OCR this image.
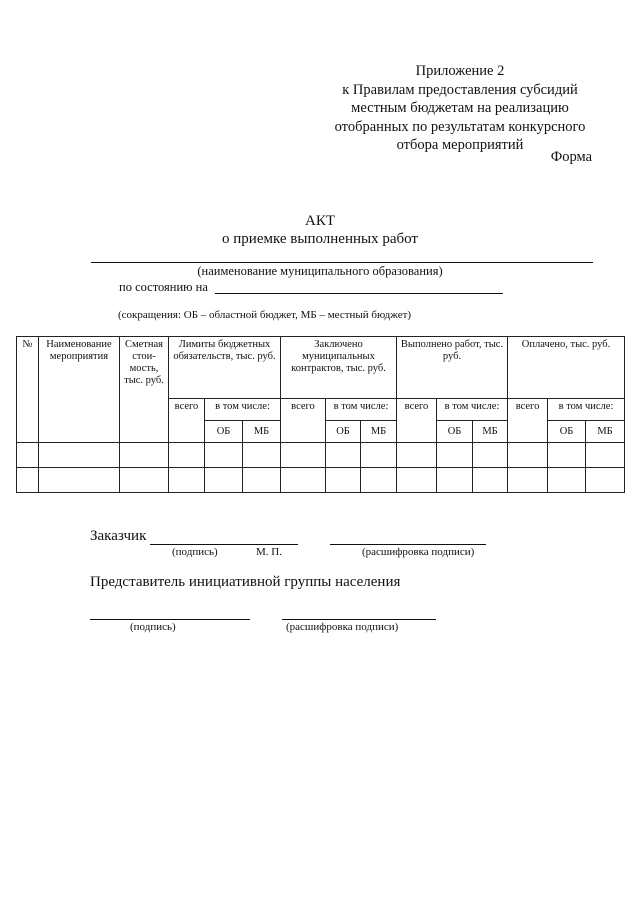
Приложение 2
к Правилам предоставления субсидий
местным бюджетам на реализацию
отобранных по результатам конкурсного
отбора мероприятий
Форма
АКТ
о приемке выполненных работ
(наименование муниципального образования)
по состоянию на
(сокращения: ОБ – областной бюджет, МБ – местный бюджет)
№	Наименование мероприятия	Сметная стои-мость, тыс. руб.	Лимиты бюджетных обязательств, тыс. руб.			Заключено муниципальных контрактов, тыс. руб.			Выполнено работ, тыс. руб.			Оплачено, тыс. руб.		
			всего	в том числе:		всего	в том числе:		всего	в том числе:		всего	в том числе:	
				ОБ	МБ		ОБ	МБ		ОБ	МБ		ОБ	МБ

Заказчик
(подпись)	М. П.	(расшифровка подписи)
Представитель инициативной группы населения
(подпись)	(расшифровка подписи)
